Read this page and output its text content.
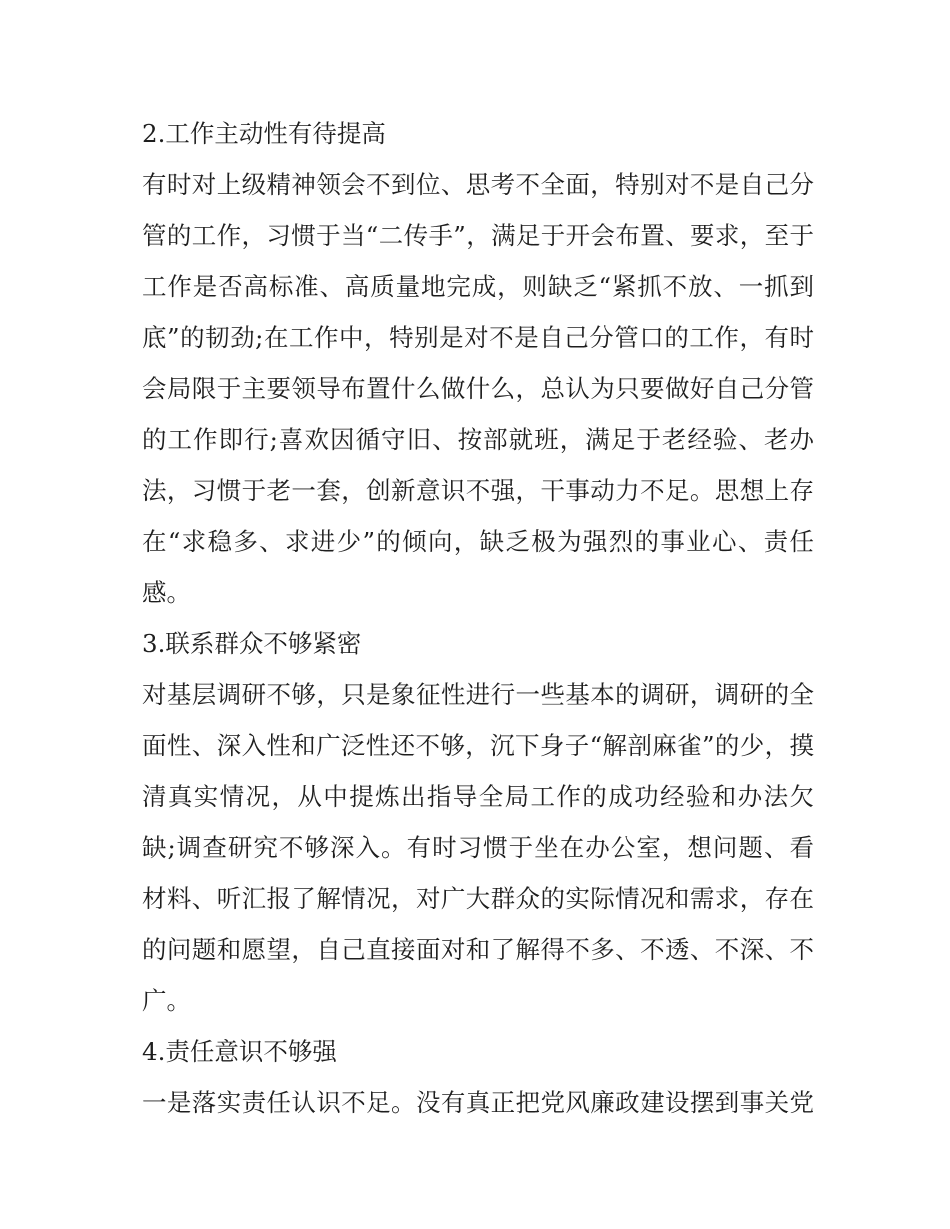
2.工作主动性有待提高

有时对上级精神领会不到位、思考不全面，特别对不是自己分
管的工作，习惯于当“二传手”，满足于开会布置、要求，至于
工作是否高标准、高质量地完成，则缺乏“紧抓不放、一抓到
底”的韧劲;在工作中，特别是对不是自己分管口的工作，有时
会局限于主要领导布置什么做什么，总认为只要做好自己分管
的工作即行;喜欢因循守旧、按部就班，满足于老经验、老办
法，习惯于老一套，创新意识不强，干事动力不足。思想上存
在“求稳多、求进少”的倾向，缺乏极为强烈的事业心、责任
感。

3.联系群众不够紧密

对基层调研不够，只是象征性进行一些基本的调研，调研的全
面性、深入性和广泛性还不够，沉下身子“解剖麻雀”的少，摸
清真实情况，从中提炼出指导全局工作的成功经验和办法欠
缺;调查研究不够深入。有时习惯于坐在办公室，想问题、看
材料、听汇报了解情况，对广大群众的实际情况和需求，存在
的问题和愿望，自己直接面对和了解得不多、不透、不深、不
广。

4.责任意识不够强

一是落实责任认识不足。没有真正把党风廉政建设摆到事关党
